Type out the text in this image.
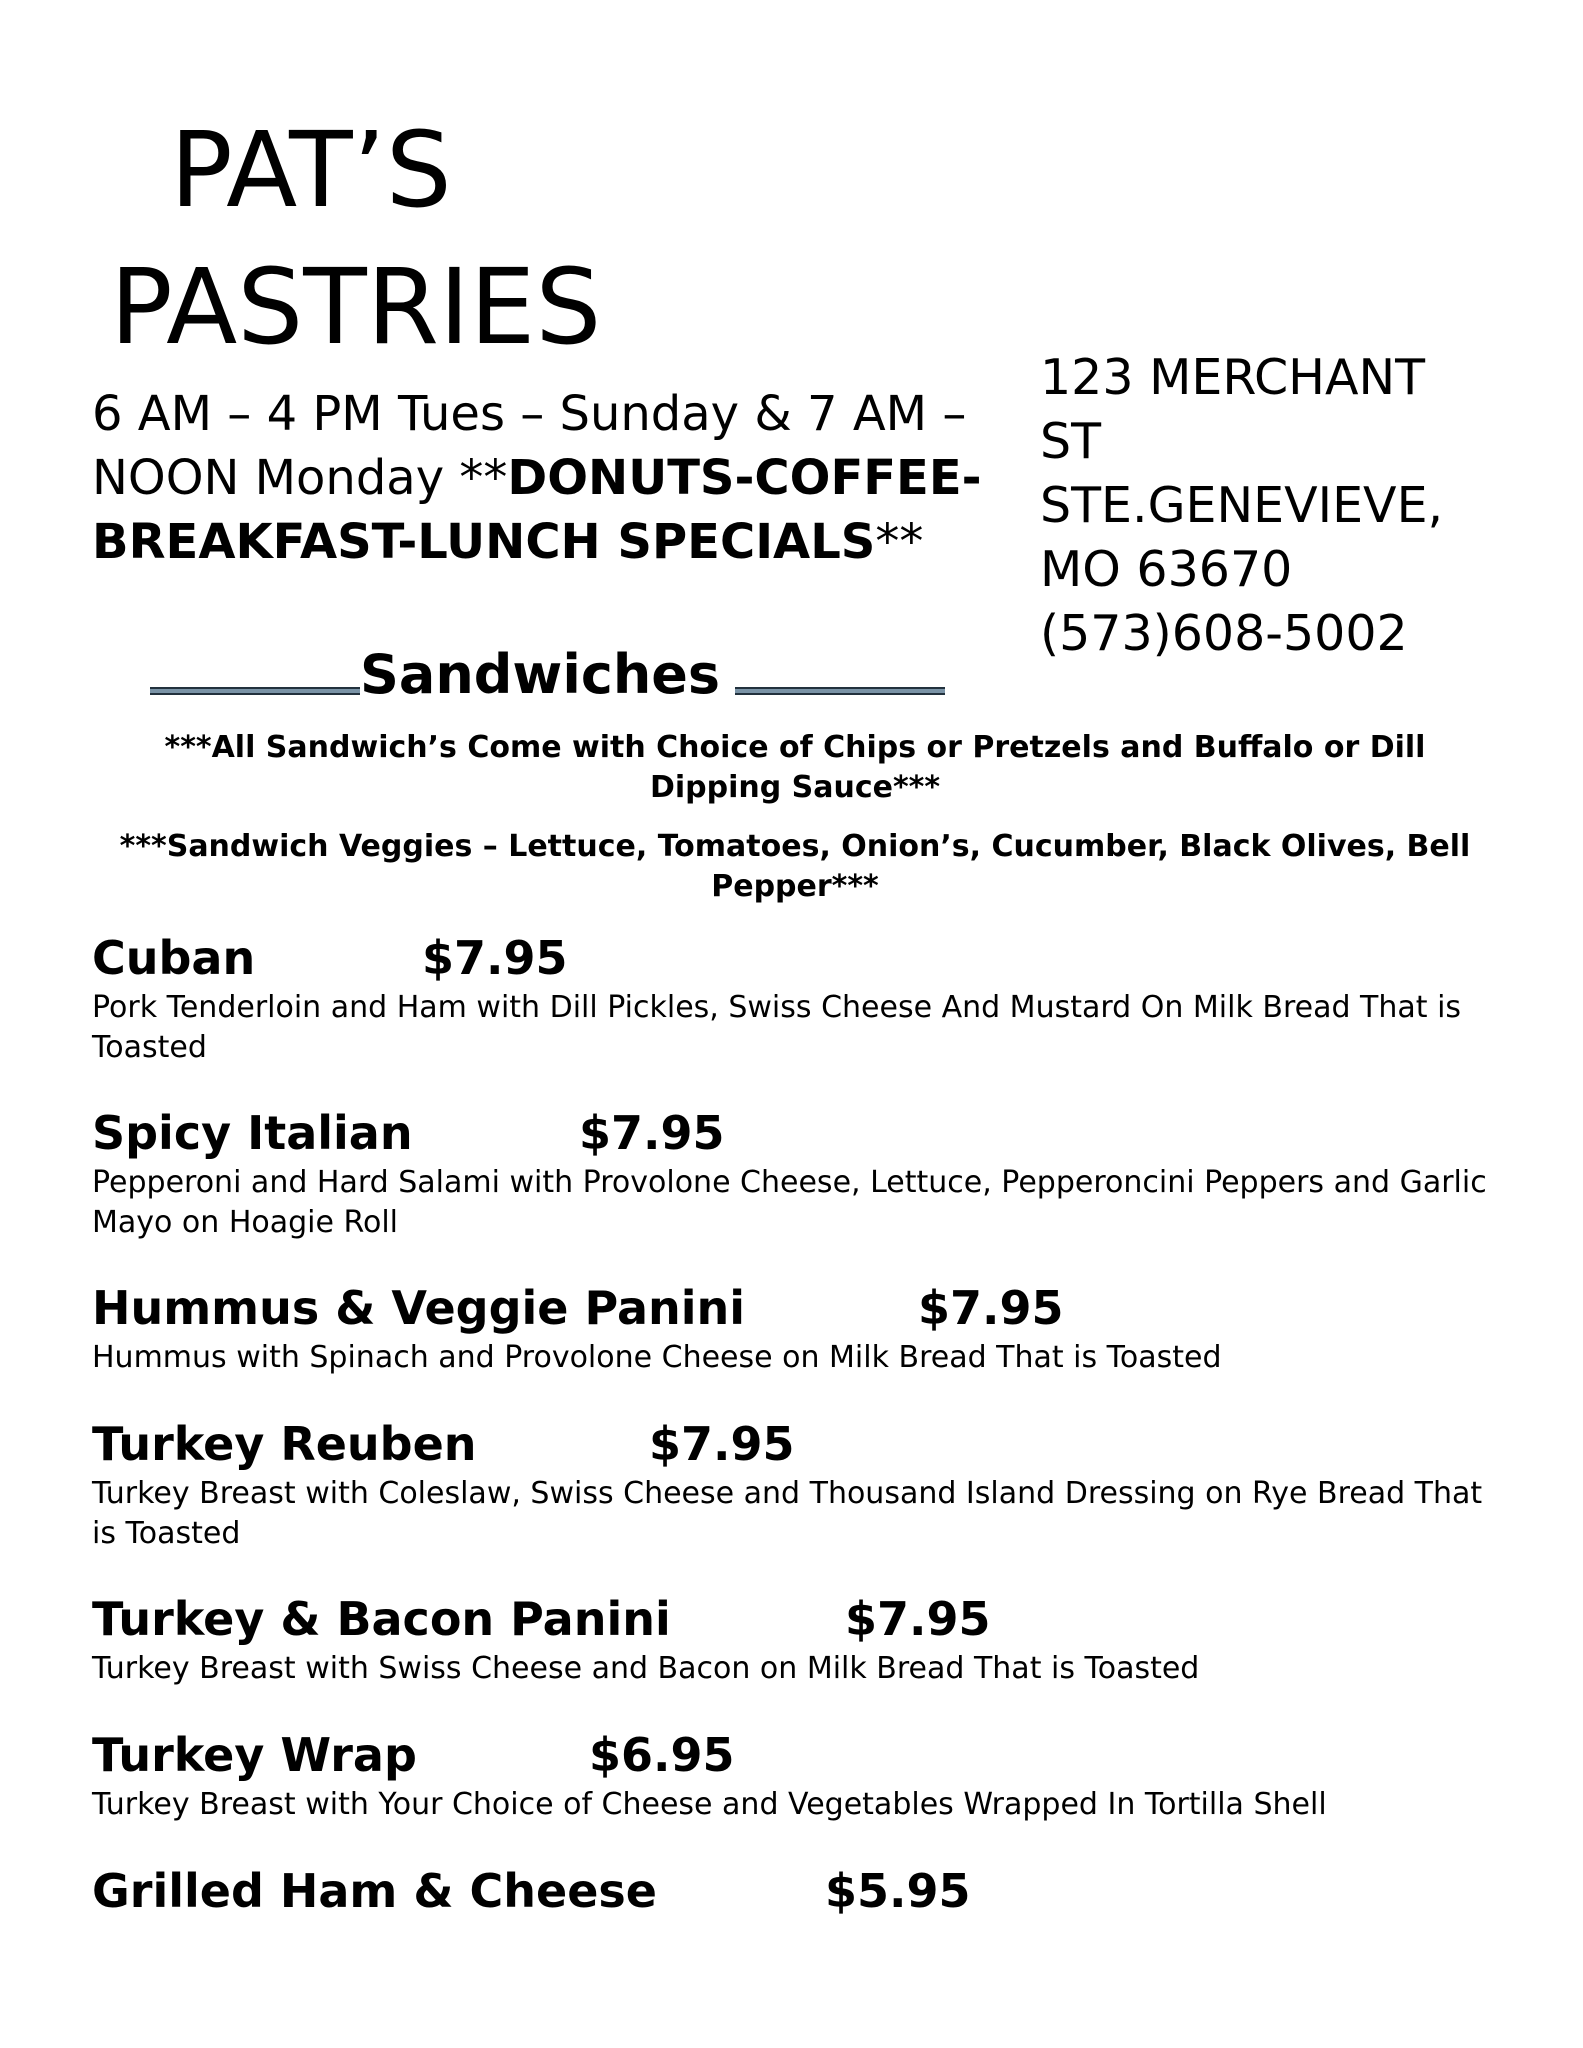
PAT’S
PASTRIES
6 AM – 4 PM Tues – Sunday & 7 AM – NOON Monday **DONUTS-COFFEE-BREAKFAST-LUNCH SPECIALS**
123 MERCHANT
ST
STE.GENEVIEVE,
MO 63670
(573)608-5002
Sandwiches
***All Sandwich’s Come with Choice of Chips or Pretzels and Buffalo or Dill Dipping Sauce***
***Sandwich Veggies – Lettuce, Tomatoes, Onion’s, Cucumber, Black Olives, Bell Pepper***
Cuban	$7.95
Pork Tenderloin and Ham with Dill Pickles, Swiss Cheese And Mustard On Milk Bread That is Toasted
Spicy Italian	$7.95
Pepperoni and Hard Salami with Provolone Cheese, Lettuce, Pepperoncini Peppers and Garlic Mayo on Hoagie Roll
Hummus & Veggie Panini	$7.95
Hummus with Spinach and Provolone Cheese on Milk Bread That is Toasted
Turkey Reuben	$7.95
Turkey Breast with Coleslaw, Swiss Cheese and Thousand Island Dressing on Rye Bread That is Toasted
Turkey & Bacon Panini	$7.95
Turkey Breast with Swiss Cheese and Bacon on Milk Bread That is Toasted
Turkey Wrap	$6.95
Turkey Breast with Your Choice of Cheese and Vegetables Wrapped In Tortilla Shell
Grilled Ham & Cheese	$5.95
